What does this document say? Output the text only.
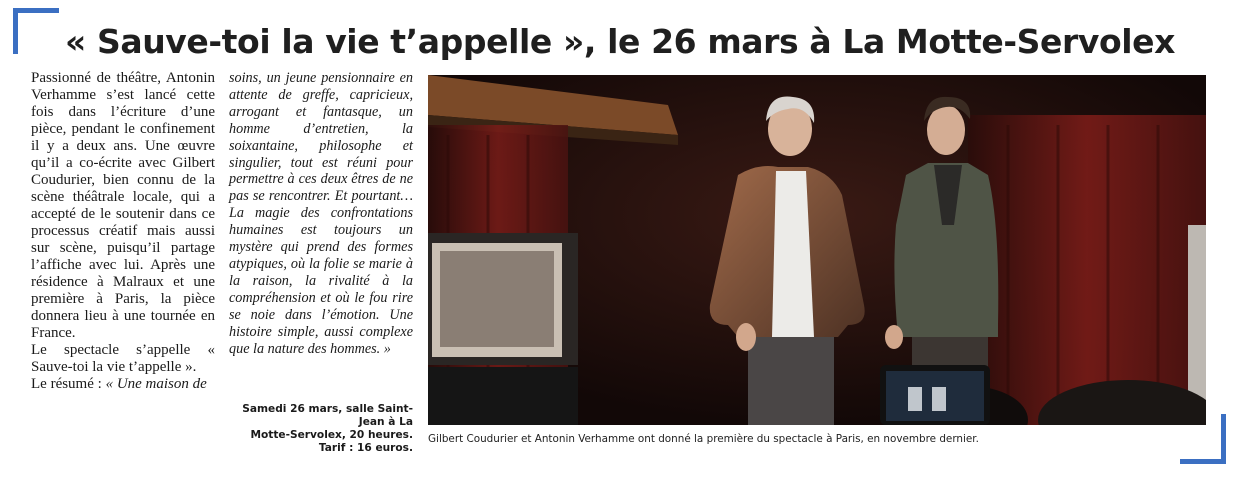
« Sauve-toi la vie t’appelle », le 26 mars à La Motte-Servolex

Passionné de théâtre, Antonin Verhamme s’est lancé cette fois dans l’écriture d’une pièce, pendant le confinement il y a deux ans. Une œuvre qu’il a co-écrite avec Gilbert Coudurier, bien connu de la scène théâtrale locale, qui a accepté de le soutenir dans ce processus créatif mais aussi sur scène, puisqu’il partage l’affiche avec lui. Après une résidence à Malraux et une première à Paris, la pièce donnera lieu à une tournée en France.

Le spectacle s’appelle « Sauve-toi la vie t’appelle ».

Le résumé : « Une maison de

soins, un jeune pensionnaire en attente de greffe, capricieux, arrogant et fantasque, un homme d’entretien, la soixantaine, philosophe et singulier, tout est réuni pour permettre à ces deux êtres de ne pas se rencontrer. Et pourtant… La magie des confrontations humaines est toujours un mystère qui prend des formes atypiques, où la folie se marie à la raison, la rivalité à la compréhension et où le fou rire se noie dans l’émotion. Une histoire simple, aussi complexe que la nature des hommes. »

Samedi 26 mars, salle Saint-Jean à La
Motte-Servolex, 20 heures.
Tarif : 16 euros.
Gilbert Coudurier et Antonin Verhamme ont donné la première du spectacle à Paris, en novembre dernier.
